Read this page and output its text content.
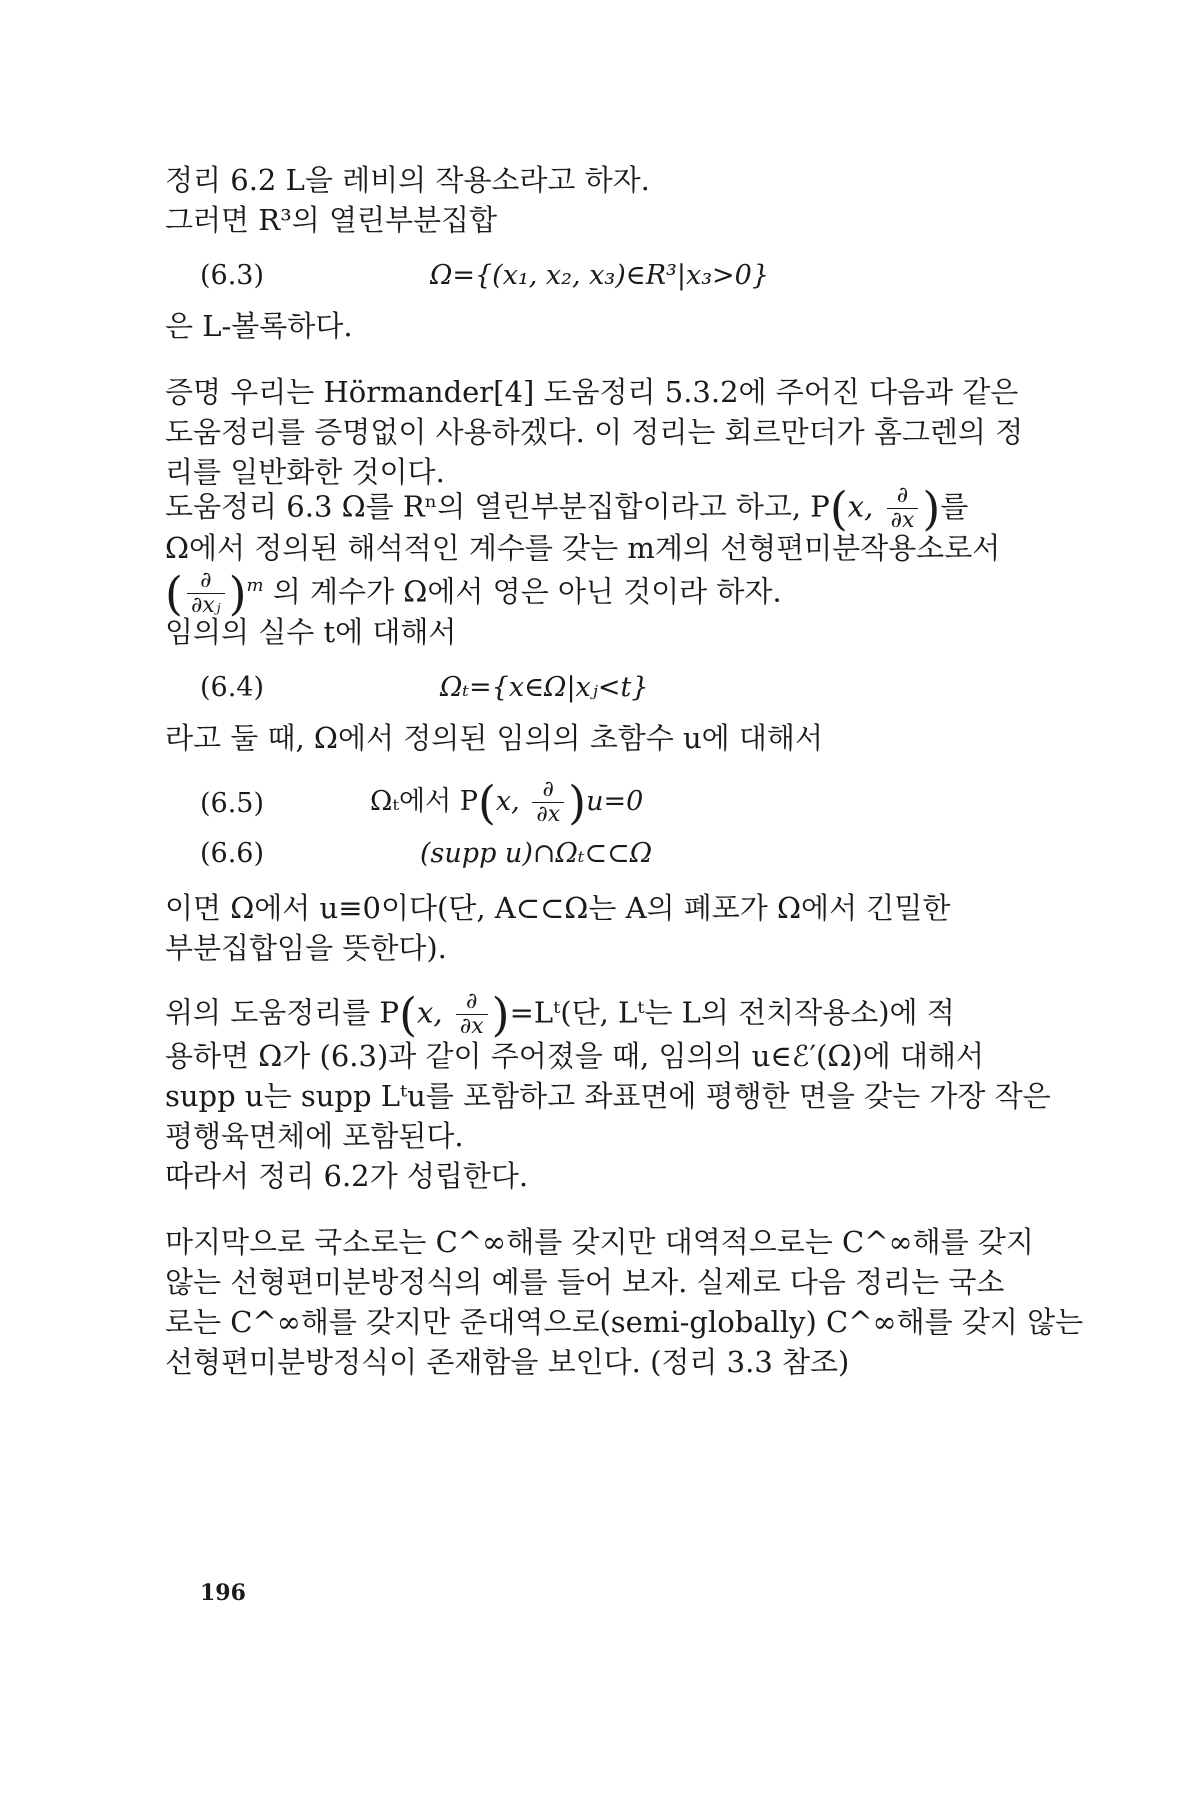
정리 6.2 L을 레비의 작용소라고 하자.
그러면 R³의 열린부분집합
(6.3)	Ω={(x₁, x₂, x₃)∈R³|x₃>0}
은 L-볼록하다.
증명 우리는 Hörmander[4] 도움정리 5.3.2에 주어진 다음과 같은
도움정리를 증명없이 사용하겠다. 이 정리는 회르만더가 홈그렌의 정
리를 일반화한 것이다.
도움정리 6.3 Ω를 Rⁿ의 열린부분집합이라고 하고, P(x, $\frac{\partial}{\partial x}$ )를
Ω에서 정의된 해석적인 계수를 갖는 m계의 선형편미분작용소로서
( $\frac{\partial}{\text{∂xⱼ}} )^m$ 의 계수가 Ω에서 영은 아닌 것이라 하자.
임의의 실수 t에 대해서
(6.4)	Ωₜ={x∈Ω|xⱼ<t}
라고 둘 때, Ω에서 정의된 임의의 초함수 u에 대해서
(6.5)	Ωₜ에서 P(x, $\frac{\partial}{\partial x} )u=0$
(6.6)	(supp u)∩Ωₜ⊂⊂Ω
이면 Ω에서 u≡0이다(단, A⊂⊂Ω는 A의 폐포가 Ω에서 긴밀한
부분집합임을 뜻한다).
위의 도움정리를 P(x, $\frac{\partial}{\partial x}$ )=Lᵗ(단, Lᵗ는 L의 전치작용소)에 적
용하면 Ω가 (6.3)과 같이 주어졌을 때, 임의의 u∈ℰ′(Ω)에 대해서
supp u는 supp Lᵗu를 포함하고 좌표면에 평행한 면을 갖는 가장 작은
평행육면체에 포함된다.
따라서 정리 6.2가 성립한다.
마지막으로 국소로는 C^∞해를 갖지만 대역적으로는 C^∞해를 갖지
않는 선형편미분방정식의 예를 들어 보자. 실제로 다음 정리는 국소
로는 C^∞해를 갖지만 준대역으로(semi-globally) C^∞해를 갖지 않는
선형편미분방정식이 존재함을 보인다. (정리 3.3 참조)
196
